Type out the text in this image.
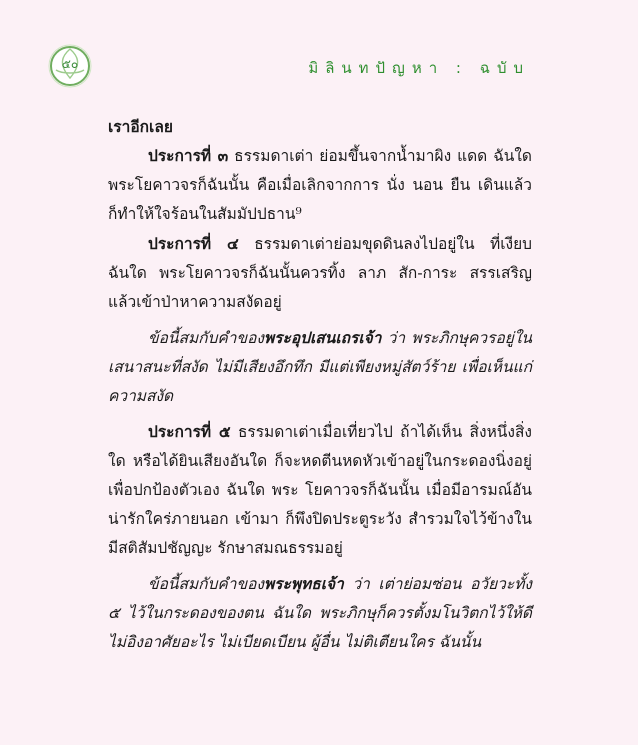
๕๐	มิลินทปัญหา : ฉบับ

เราอีกเลย

ประการที่ ๓ ธรรมดาเต่า ย่อมขึ้นจากน้ำมาผิง แดด ฉันใด พระโยคาวจรก็ฉันนั้น คือเมื่อเลิกจากการ นั่ง นอน ยืน เดินแล้ว ก็ทำให้ใจร้อนในสัมมัปปธาน⁹

ประการที่ ๔ ธรรมดาเต่าย่อมขุดดินลงไปอยู่ใน ที่เงียบ ฉันใด พระโยคาวจรก็ฉันนั้นควรทิ้ง ลาภ สัก-การะ สรรเสริญ แล้วเข้าป่าหาความสงัดอยู่

ข้อนี้สมกับคำของพระอุปเสนเถรเจ้า ว่า พระภิกษุควรอยู่ในเสนาสนะที่สงัด ไม่มีเสียงอึกทึก มีแต่เพียงหมู่สัตว์ร้าย เพื่อเห็นแก่ความสงัด

ประการที่ ๕ ธรรมดาเต่าเมื่อเที่ยวไป ถ้าได้เห็น สิ่งหนึ่งสิ่งใด หรือได้ยินเสียงอันใด ก็จะหดตีนหดหัวเข้าอยู่ในกระดองนิ่งอยู่ เพื่อปกป้องตัวเอง ฉันใด พระ โยคาวจรก็ฉันนั้น เมื่อมีอารมณ์อันน่ารักใคร่ภายนอก เข้ามา ก็พึงปิดประตูระวัง สำรวมใจไว้ข้างใน มีสติสัมปชัญญะ รักษาสมณธรรมอยู่

ข้อนี้สมกับคำของพระพุทธเจ้า ว่า เต่าย่อมซ่อน อวัยวะทั้ง ๕ ไว้ในกระดองของตน ฉันใด พระภิกษุก็ควรตั้งมโนวิตกไว้ให้ดี ไม่อิงอาศัยอะไร ไม่เบียดเบียน ผู้อื่น ไม่ติเตียนใคร ฉันนั้น
